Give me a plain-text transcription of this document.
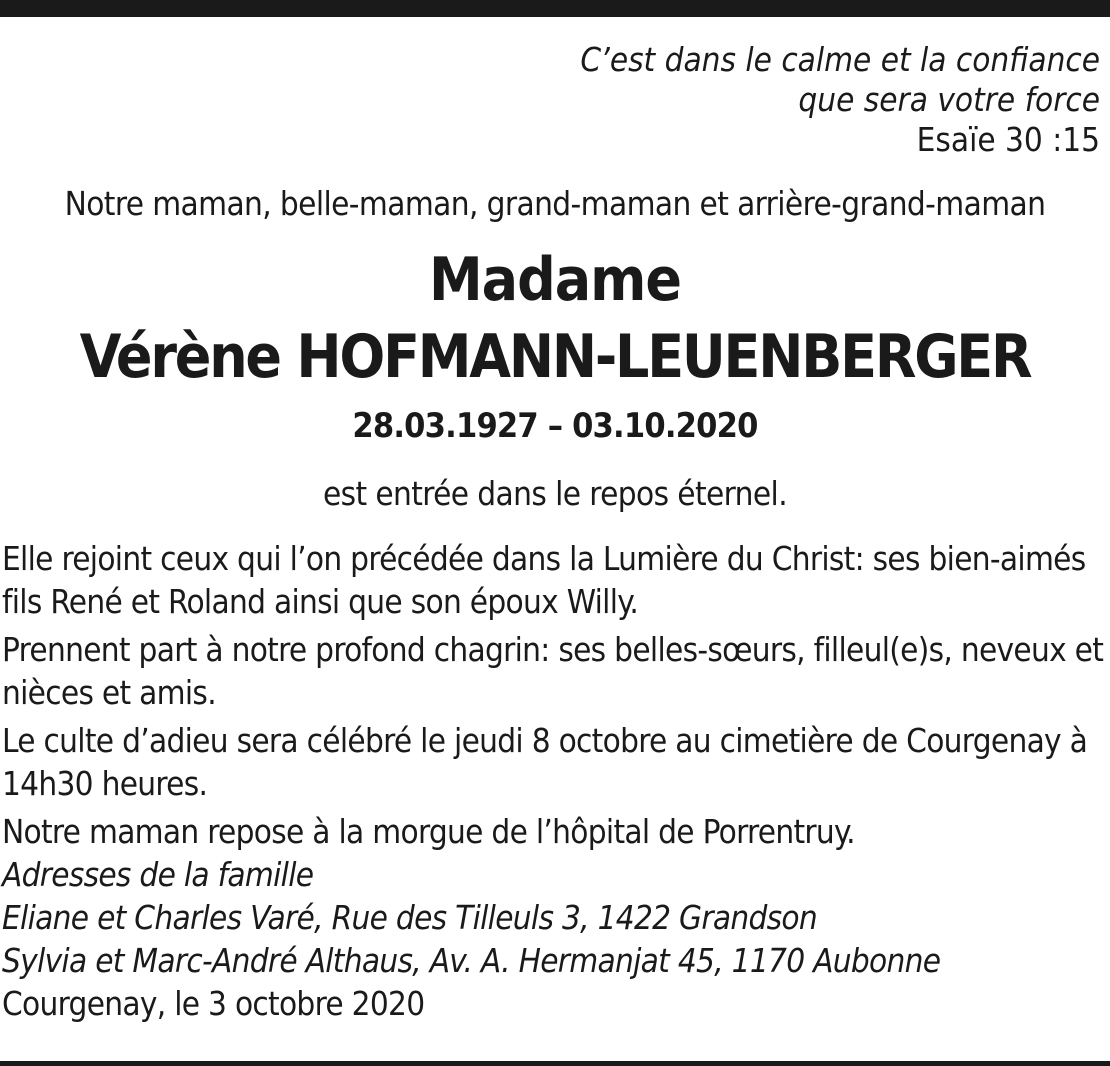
C’est dans le calme et la confiance
que sera votre force
Esaïe 30 :15
Notre maman, belle-maman, grand-maman et arrière-grand-maman
Madame
Vérène HOFMANN-LEUENBERGER
28.03.1927 – 03.10.2020
est entrée dans le repos éternel.

Elle rejoint ceux qui l’on précédée dans la Lumière du Christ: ses bien-aimés fils René et Roland ainsi que son époux Willy.

Prennent part à notre profond chagrin: ses belles-sœurs, filleul(e)s, neveux et nièces et amis.

Le culte d’adieu sera célébré le jeudi 8 octobre au cimetière de Courgenay à 14h30 heures.

Notre maman repose à la morgue de l’hôpital de Porrentruy.

Adresses de la famille
Eliane et Charles Varé, Rue des Tilleuls 3, 1422 Grandson
Sylvia et Marc-André Althaus, Av. A. Hermanjat 45, 1170 Aubonne
Courgenay, le 3 octobre 2020
